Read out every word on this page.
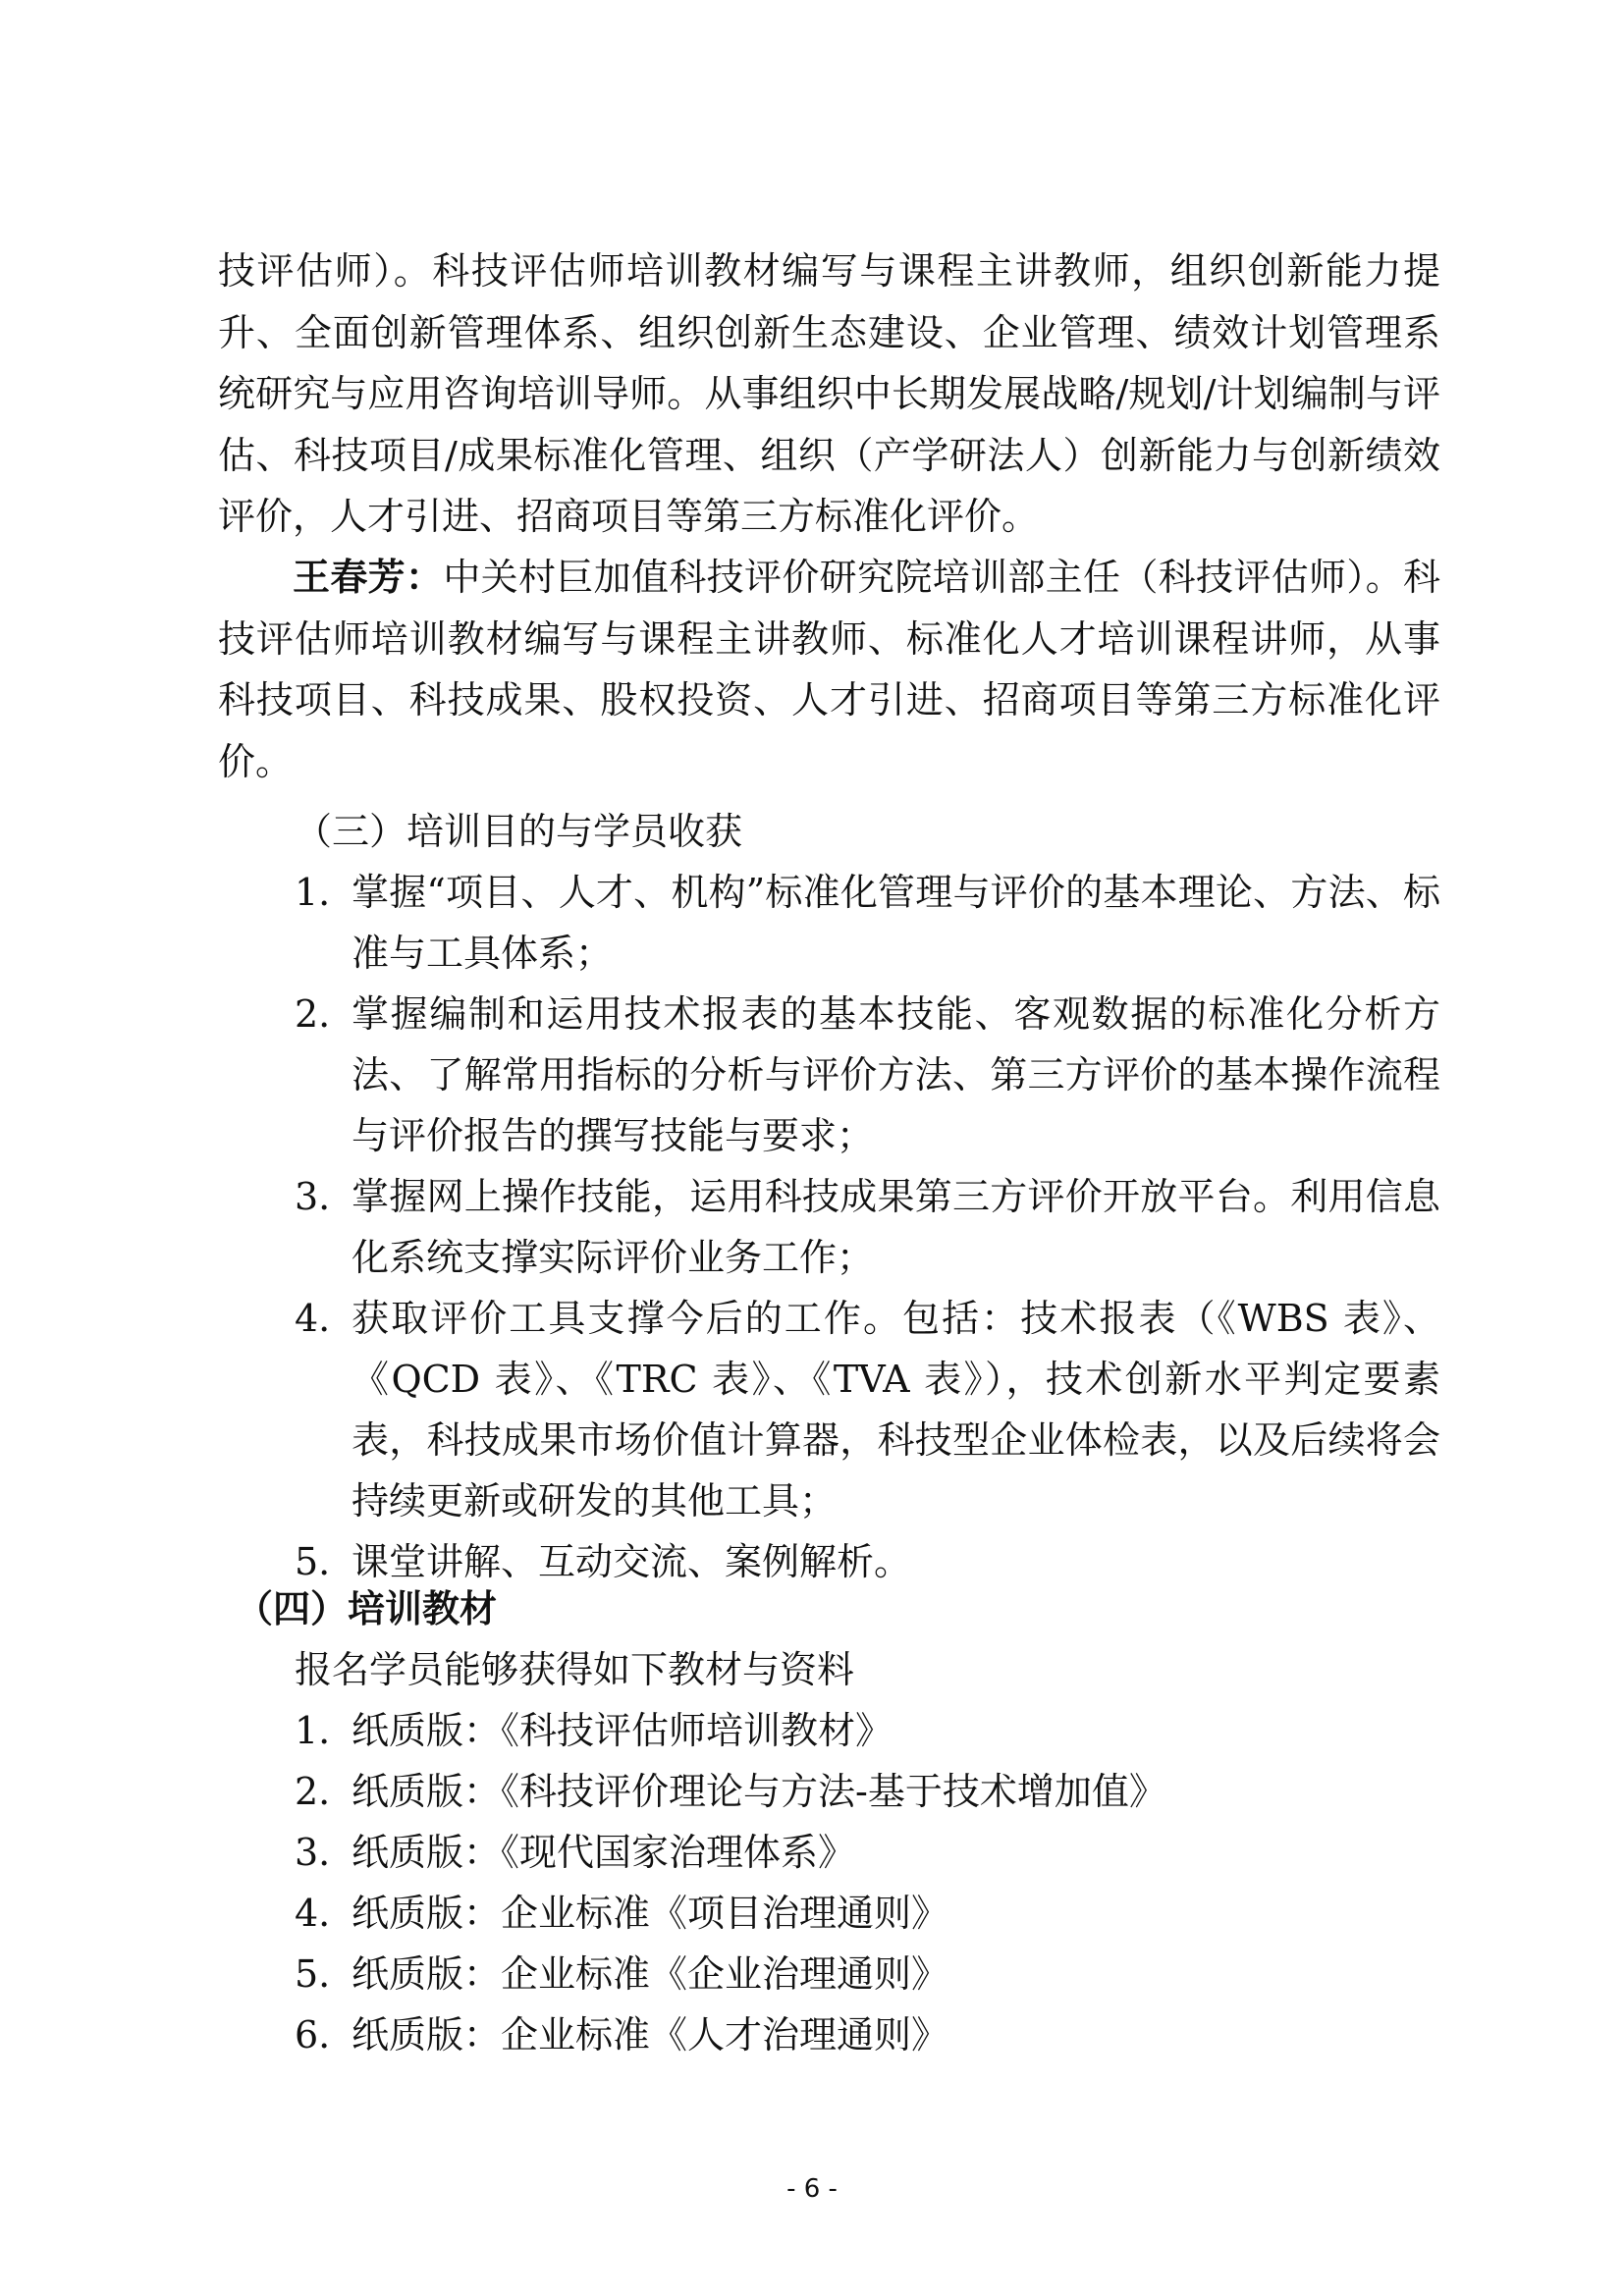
技评估师）。科技评估师培训教材编写与课程主讲教师，组织创新能力提升、全面创新管理体系、组织创新生态建设、企业管理、绩效计划管理系统研究与应用咨询培训导师。从事组织中长期发展战略/规划/计划编制与评估、科技项目/成果标准化管理、组织（产学研法人）创新能力与创新绩效评价，人才引进、招商项目等第三方标准化评价。

王春芳：中关村巨加值科技评价研究院培训部主任（科技评估师）。科技评估师培训教材编写与课程主讲教师、标准化人才培训课程讲师，从事科技项目、科技成果、股权投资、人才引进、招商项目等第三方标准化评价。

（三）培训目的与学员收获

1. 掌握“项目、人才、机构”标准化管理与评价的基本理论、方法、标准与工具体系；
2. 掌握编制和运用技术报表的基本技能、客观数据的标准化分析方法、了解常用指标的分析与评价方法、第三方评价的基本操作流程与评价报告的撰写技能与要求；
3. 掌握网上操作技能，运用科技成果第三方评价开放平台。利用信息化系统支撑实际评价业务工作；
4. 获取评价工具支撑今后的工作。包括：技术报表（《WBS 表》、《QCD 表》、《TRC 表》、《TVA 表》），技术创新水平判定要素表，科技成果市场价值计算器，科技型企业体检表，以及后续将会持续更新或研发的其他工具；
5. 课堂讲解、互动交流、案例解析。

（四）培训教材

报名学员能够获得如下教材与资料

1. 纸质版：《科技评估师培训教材》
2. 纸质版：《科技评价理论与方法-基于技术增加值》
3. 纸质版：《现代国家治理体系》
4. 纸质版：企业标准《项目治理通则》
5. 纸质版：企业标准《企业治理通则》
6. 纸质版：企业标准《人才治理通则》
- 6 -
